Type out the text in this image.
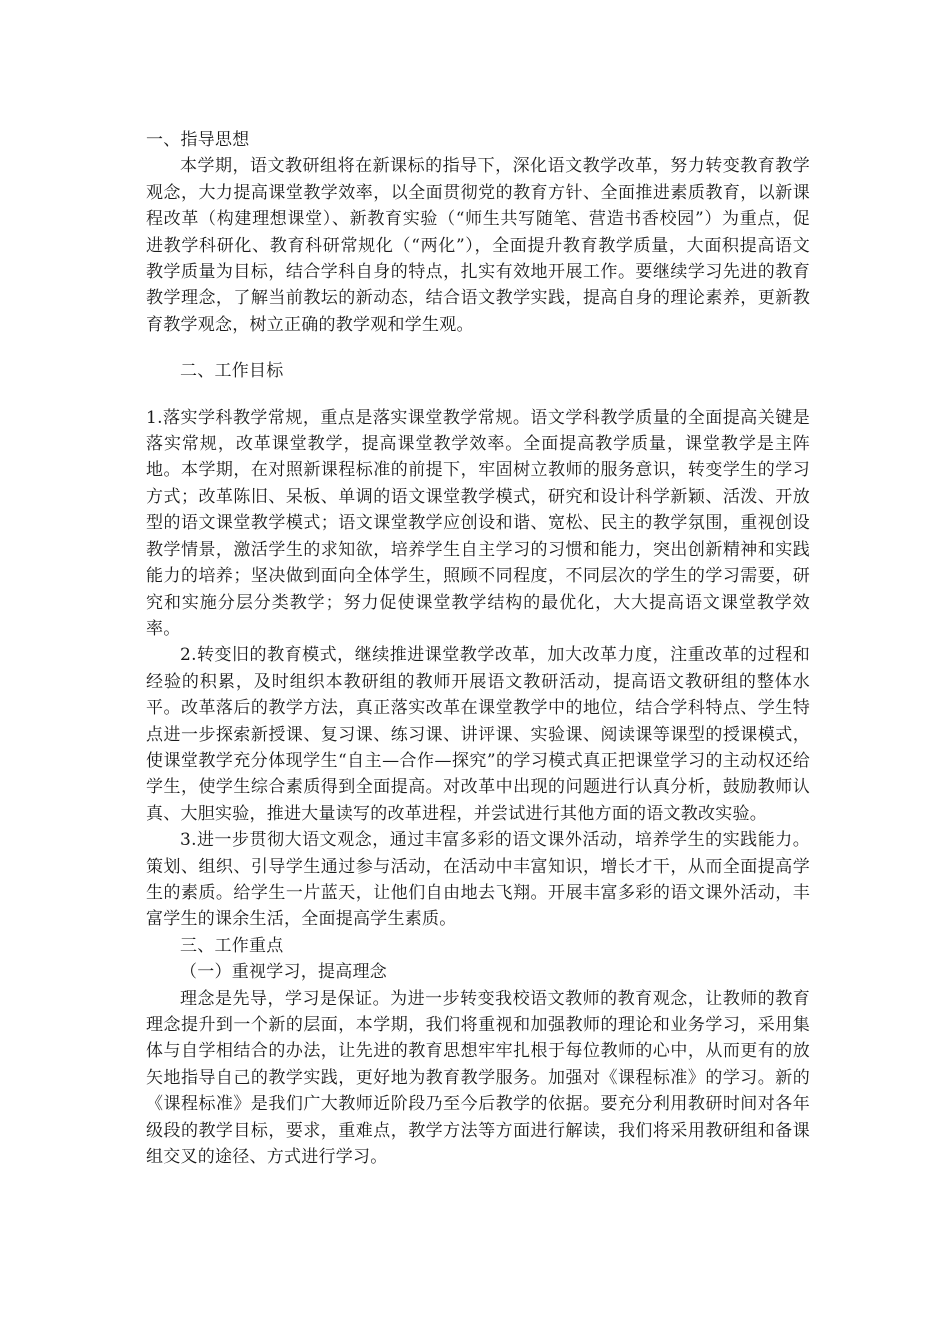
一、指导思想

本学期，语文教研组将在新课标的指导下，深化语文教学改革，努力转变教育教学观念，大力提高课堂教学效率，以全面贯彻党的教育方针、全面推进素质教育，以新课程改革（构建理想课堂）、新教育实验（“师生共写随笔、营造书香校园”）为重点，促进教学科研化、教育科研常规化（“两化”），全面提升教育教学质量，大面积提高语文教学质量为目标，结合学科自身的特点，扎实有效地开展工作。要继续学习先进的教育教学理念，了解当前教坛的新动态，结合语文教学实践，提高自身的理论素养，更新教育教学观念，树立正确的教学观和学生观。

二、工作目标

1.落实学科教学常规，重点是落实课堂教学常规。语文学科教学质量的全面提高关键是落实常规，改革课堂教学，提高课堂教学效率。全面提高教学质量，课堂教学是主阵地。本学期，在对照新课程标准的前提下，牢固树立教师的服务意识，转变学生的学习方式；改革陈旧、呆板、单调的语文课堂教学模式，研究和设计科学新颖、活泼、开放型的语文课堂教学模式；语文课堂教学应创设和谐、宽松、民主的教学氛围，重视创设教学情景，激活学生的求知欲，培养学生自主学习的习惯和能力，突出创新精神和实践能力的培养；坚决做到面向全体学生，照顾不同程度，不同层次的学生的学习需要，研究和实施分层分类教学；努力促使课堂教学结构的最优化，大大提高语文课堂教学效率。

2.转变旧的教育模式，继续推进课堂教学改革，加大改革力度，注重改革的过程和经验的积累，及时组织本教研组的教师开展语文教研活动，提高语文教研组的整体水平。改革落后的教学方法，真正落实改革在课堂教学中的地位，结合学科特点、学生特点进一步探索新授课、复习课、练习课、讲评课、实验课、阅读课等课型的授课模式，使课堂教学充分体现学生“自主—合作—探究”的学习模式真正把课堂学习的主动权还给学生，使学生综合素质得到全面提高。对改革中出现的问题进行认真分析，鼓励教师认真、大胆实验，推进大量读写的改革进程，并尝试进行其他方面的语文教改实验。

3.进一步贯彻大语文观念，通过丰富多彩的语文课外活动，培养学生的实践能力。策划、组织、引导学生通过参与活动，在活动中丰富知识，增长才干，从而全面提高学生的素质。给学生一片蓝天，让他们自由地去飞翔。开展丰富多彩的语文课外活动，丰富学生的课余生活，全面提高学生素质。

三、工作重点

（一）重视学习，提高理念

理念是先导，学习是保证。为进一步转变我校语文教师的教育观念，让教师的教育理念提升到一个新的层面，本学期，我们将重视和加强教师的理论和业务学习，采用集体与自学相结合的办法，让先进的教育思想牢牢扎根于每位教师的心中，从而更有的放矢地指导自己的教学实践，更好地为教育教学服务。加强对《课程标准》的学习。新的《课程标准》是我们广大教师近阶段乃至今后教学的依据。要充分利用教研时间对各年级段的教学目标，要求，重难点，教学方法等方面进行解读，我们将采用教研组和备课组交叉的途径、方式进行学习。
